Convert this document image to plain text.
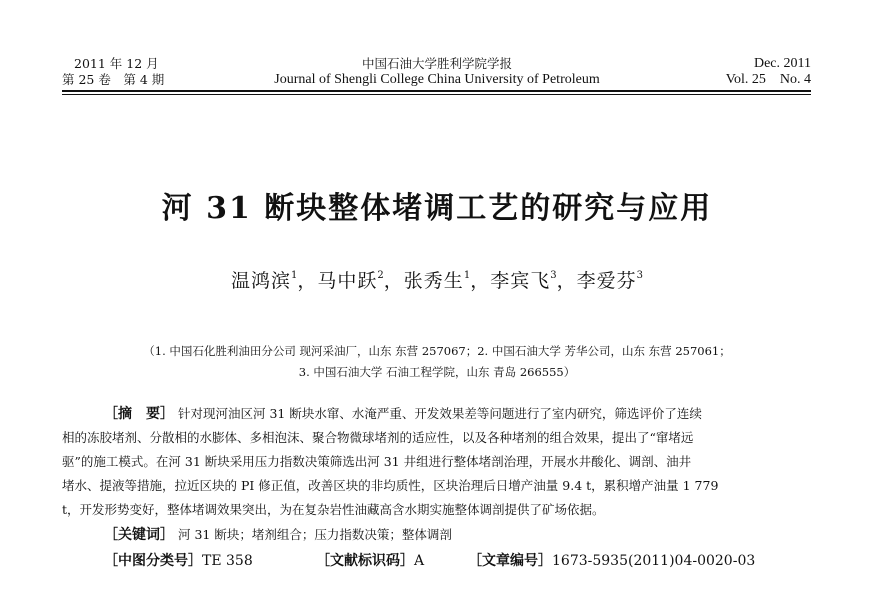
2011 年 12 月
第 25 卷　第 4 期
中国石油大学胜利学院学报
Journal of Shengli College China University of Petroleum
Dec. 2011
Vol. 25　No. 4
河 31 断块整体堵调工艺的研究与应用
温鸿滨$^1$，马中跃$^2$，张秀生$^1$，李宾飞$^3$，李爱芬$^3$
（1. 中国石化胜利油田分公司 现河采油厂，山东 东营 257067；2. 中国石油大学 芳华公司，山东 东营 257061；
3. 中国石油大学 石油工程学院，山东 青岛 266555）
［摘　要］ 针对现河油区河 31 断块水窜、水淹严重、开发效果差等问题进行了室内研究，筛选评价了连续
相的冻胶堵剂、分散相的水膨体、多相泡沫、聚合物微球堵剂的适应性，以及各种堵剂的组合效果，提出了“窜堵远
驱”的施工模式。在河 31 断块采用压力指数决策筛选出河 31 井组进行整体堵剖治理，开展水井酸化、调剖、油井
堵水、提液等措施，拉近区块的 PI 修正值，改善区块的非均质性，区块治理后日增产油量 9.4 t，累积增产油量 1 779
t，开发形势变好，整体堵调效果突出，为在复杂岩性油藏高含水期实施整体调剖提供了矿场依据。
［关键词］ 河 31 断块；堵剂组合；压力指数决策；整体调剖
［中图分类号］TE 358	［文献标识码］A	［文章编号］1673-5935(2011)04-0020-03
